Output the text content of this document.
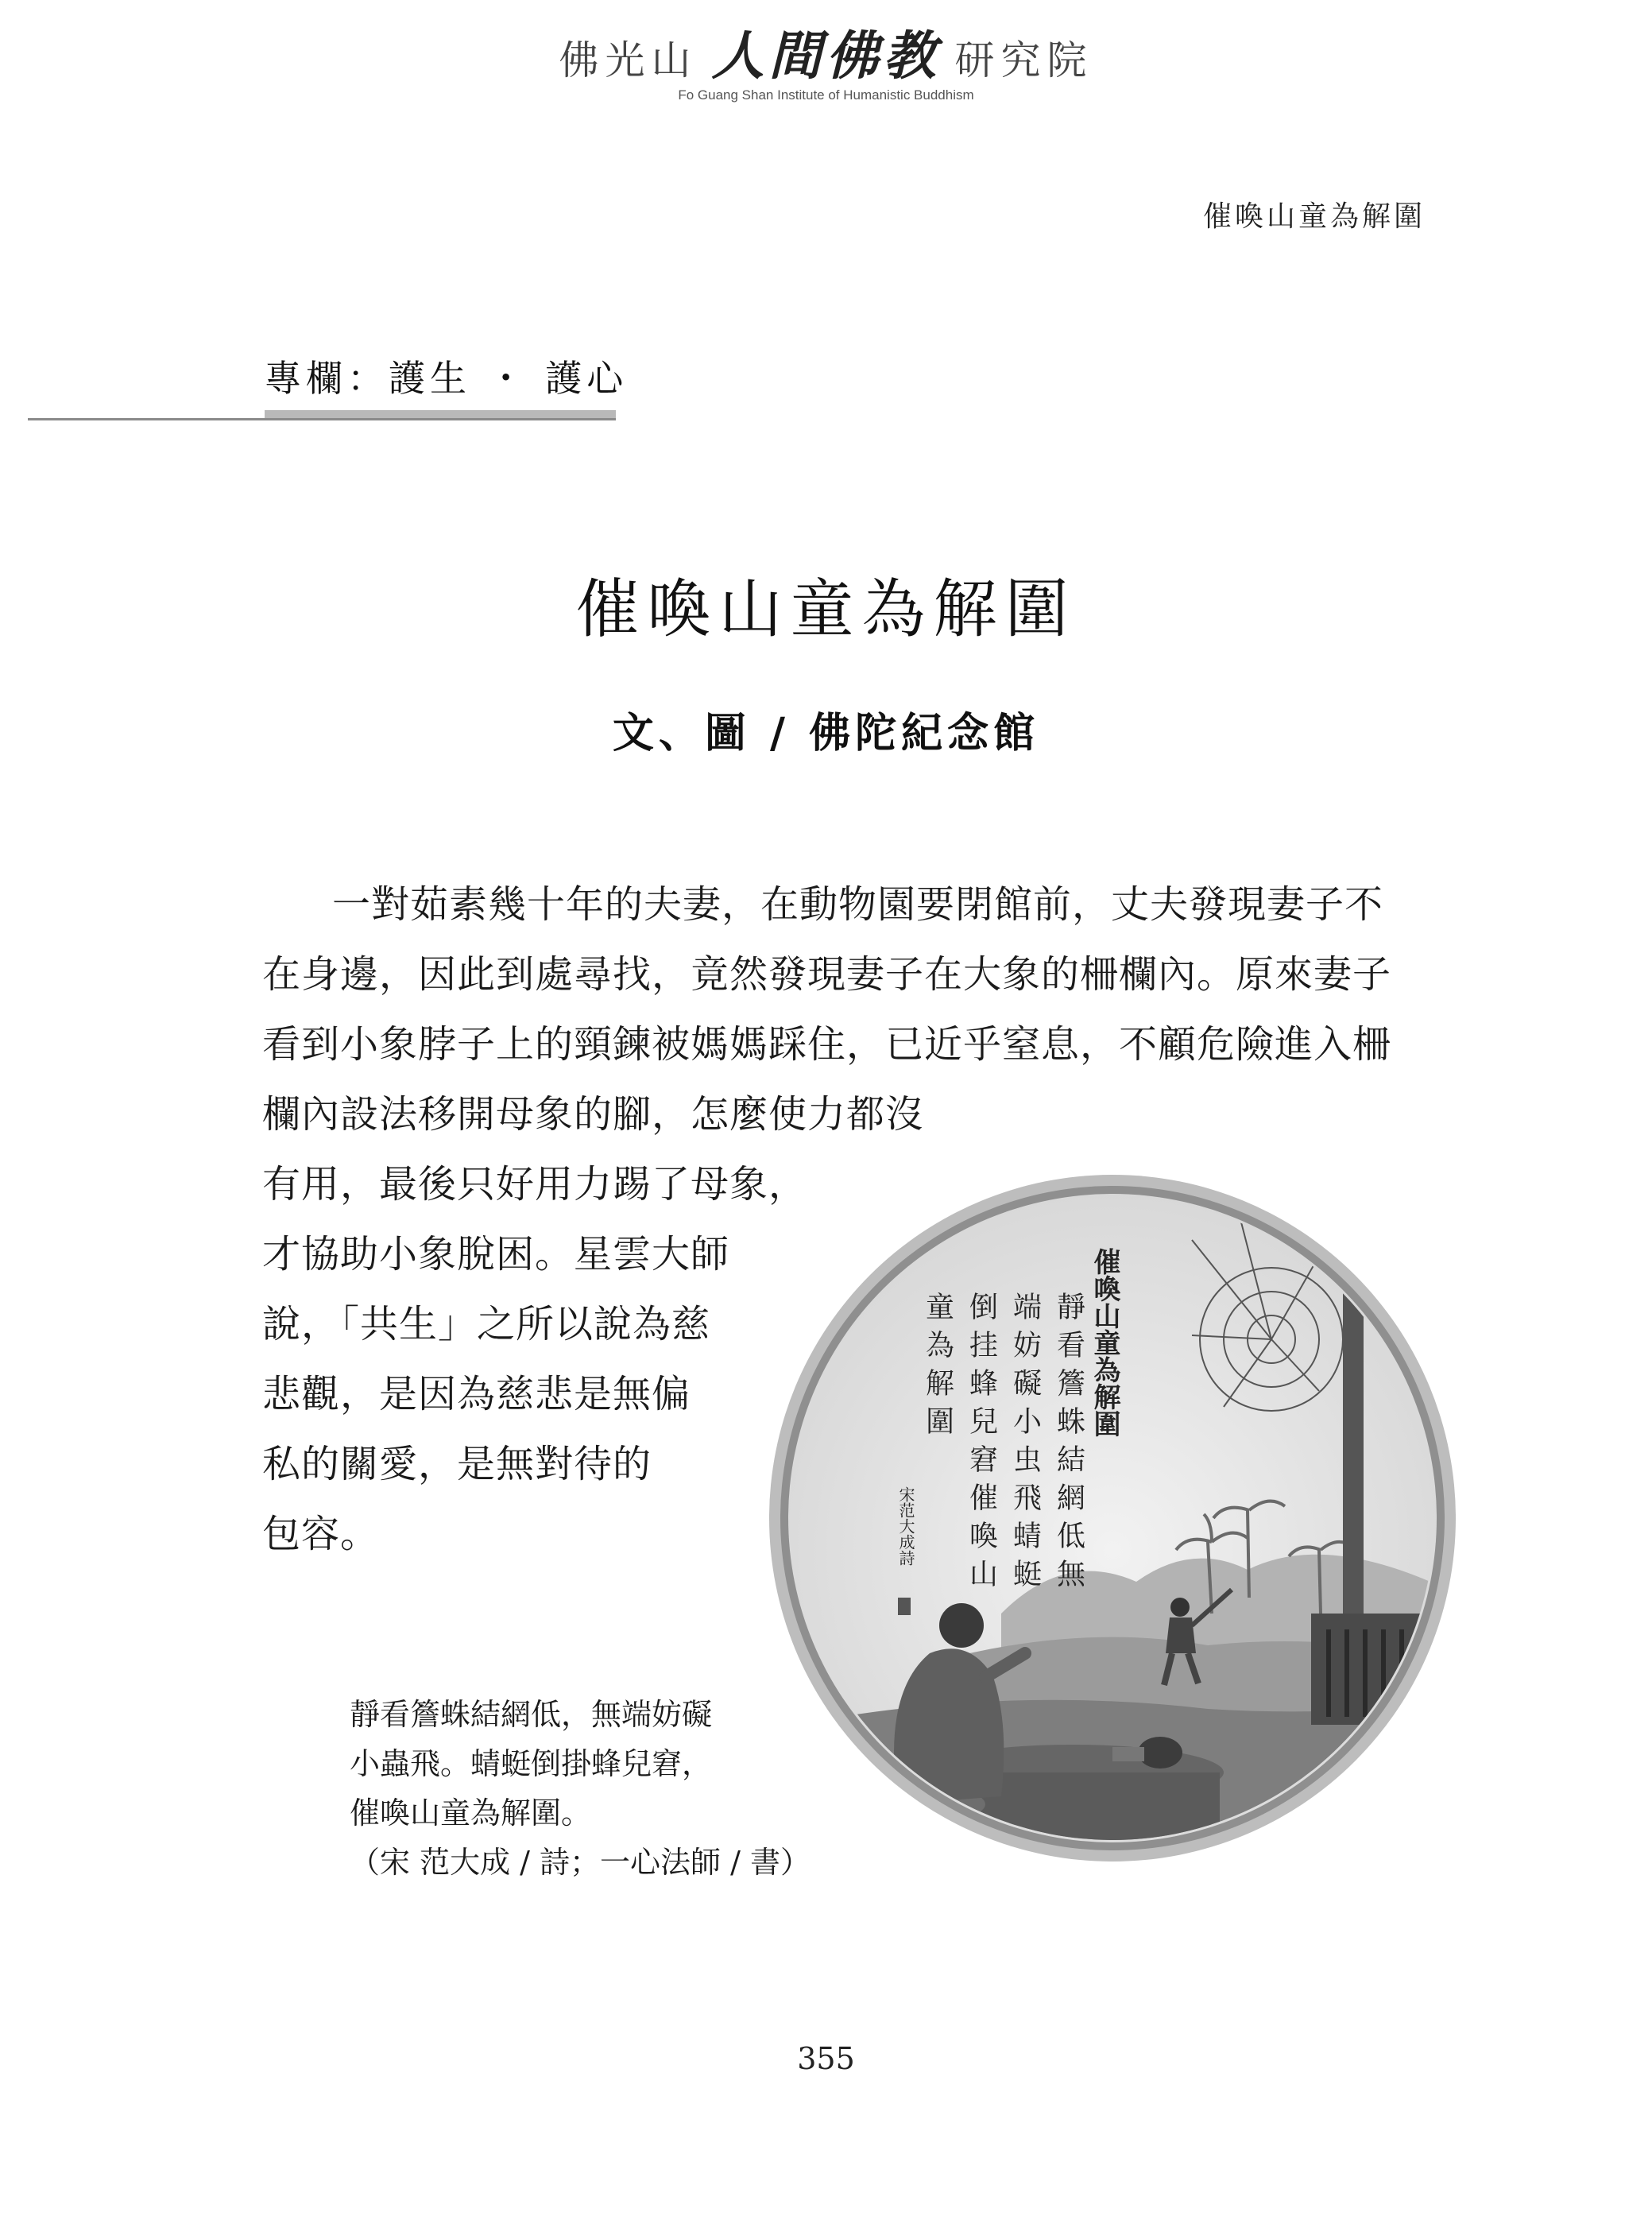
佛光山 人間佛教 研究院
Fo Guang Shan Institute of Humanistic Buddhism
催喚山童為解圍
專欄：護生 ・ 護心
催喚山童為解圍
文、圖 / 佛陀紀念館
一對茹素幾十年的夫妻，在動物園要閉館前，丈夫發現妻子不
在身邊，因此到處尋找，竟然發現妻子在大象的柵欄內。原來妻子
看到小象脖子上的頸鍊被媽媽踩住，已近乎窒息，不顧危險進入柵
欄內設法移開母象的腳，怎麼使力都沒
有用，最後只好用力踢了母象，
才協助小象脫困。星雲大師
說，「共生」之所以說為慈
悲觀，是因為慈悲是無偏
私的關愛，是無對待的
包容。
催喚山童為解圍
靜看簷蛛結網低無
端妨礙小虫飛蜻蜓
倒挂蜂兒窘催喚山
童為解圍
宋范大成詩
靜看簷蛛結網低，無端妨礙
小蟲飛。蜻蜓倒掛蜂兒窘，
催喚山童為解圍。
（宋 范大成 / 詩；一心法師 / 書）
355
